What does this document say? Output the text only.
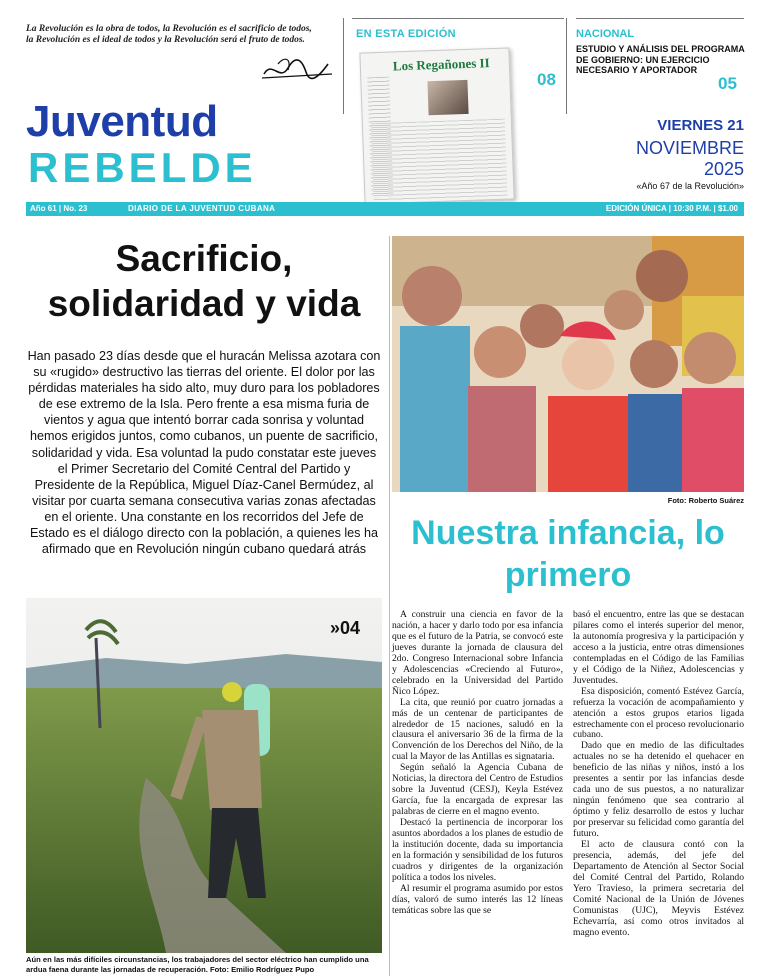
La Revolución es la obra de todos, la Revolución es el sacrificio de todos, la Revolución es el ideal de todos y la Revolución será el fruto de todos.	EN ESTA EDICIÓN
Los Regañones II
08
NACIONAL
ESTUDIO Y ANÁLISIS DEL PROGRAMA DE GOBIERNO: UN EJERCICIO NECESARIO Y APORTADOR
05
Juventud
REBELDE
VIERNES 21
NOVIEMBRE
2025
«Año 67 de la Revolución»
Año 61 | No. 23	DIARIO DE LA JUVENTUD CUBANA	EDICIÓN ÚNICA | 10:30 P.M. | $1.00
Sacrificio, solidaridad y vida
Han pasado 23 días desde que el huracán Melissa azotara con su «rugido» destructivo las tierras del oriente. El dolor por las pérdidas materiales ha sido alto, muy duro para los pobladores de ese extremo de la Isla. Pero frente a esa misma furia de vientos y agua que intentó borrar cada sonrisa y voluntad hemos erigidos juntos, como cubanos, un puente de sacrificio, solidaridad y vida. Esa voluntad la pudo constatar este jueves el Primer Secretario del Comité Central del Partido y Presidente de la República, Miguel Díaz-Canel Bermúdez, al visitar por cuarta semana consecutiva varias zonas afectadas en el oriente. Una constante en los recorridos del Jefe de Estado es el diálogo directo con la población, a quienes les ha afirmado que en Revolución ningún cubano quedará atrás
»04
Aún en las más difíciles circunstancias, los trabajadores del sector eléctrico han cumplido una ardua faena durante las jornadas de recuperación. Foto: Emilio Rodríguez Pupo
Foto: Roberto Suárez
Nuestra infancia, lo primero

A construir una ciencia en favor de la nación, a hacer y darlo todo por esa infancia que es el futuro de la Patria, se convocó este jueves durante la jornada de clausura del 2do. Congreso Internacional sobre Infancia y Adolescencias «Creciendo al Futuro», celebrado en la Universidad del Partido Ñico López.

La cita, que reunió por cuatro jornadas a más de un centenar de participantes de alrededor de 15 naciones, saludó en la clausura el aniversario 36 de la firma de la Convención de los Derechos del Niño, de la cual la Mayor de las Antillas es signataria.

Según señaló la Agencia Cubana de Noticias, la directora del Centro de Estudios sobre la Juventud (CESJ), Keyla Estévez García, fue la encargada de expresar las palabras de cierre en el magno evento.

Destacó la pertinencia de incorporar los asuntos abordados a los planes de estudio de la institución docente, dada su importancia en la formación y sensibilidad de los futuros cuadros y dirigentes de la organización política a todos los niveles.

Al resumir el programa asumido por estos días, valoró de sumo interés las 12 líneas temáticas sobre las que se

basó el encuentro, entre las que se destacan pilares como el interés superior del menor, la autonomía progresiva y la participación y acceso a la justicia, entre otras dimensiones contempladas en el Código de las Familias y el Código de la Niñez, Adolescencias y Juventudes.

Esa disposición, comentó Estévez García, refuerza la vocación de acompañamiento y atención a estos grupos etarios ligada estrechamente con el proceso revolucionario cubano.

Dado que en medio de las dificultades actuales no se ha detenido el quehacer en beneficio de las niñas y niños, instó a los presentes a sentir por las infancias desde cada uno de sus puestos, a no naturalizar ningún fenómeno que sea contrario al óptimo y feliz desarrollo de estos y luchar por preservar su felicidad como garantía del futuro.

El acto de clausura contó con la presencia, además, del jefe del Departamento de Atención al Sector Social del Comité Central del Partido, Rolando Yero Travieso, la primera secretaria del Comité Nacional de la Unión de Jóvenes Comunistas (UJC), Meyvis Estévez Echevarría, así como otros invitados al magno evento.
